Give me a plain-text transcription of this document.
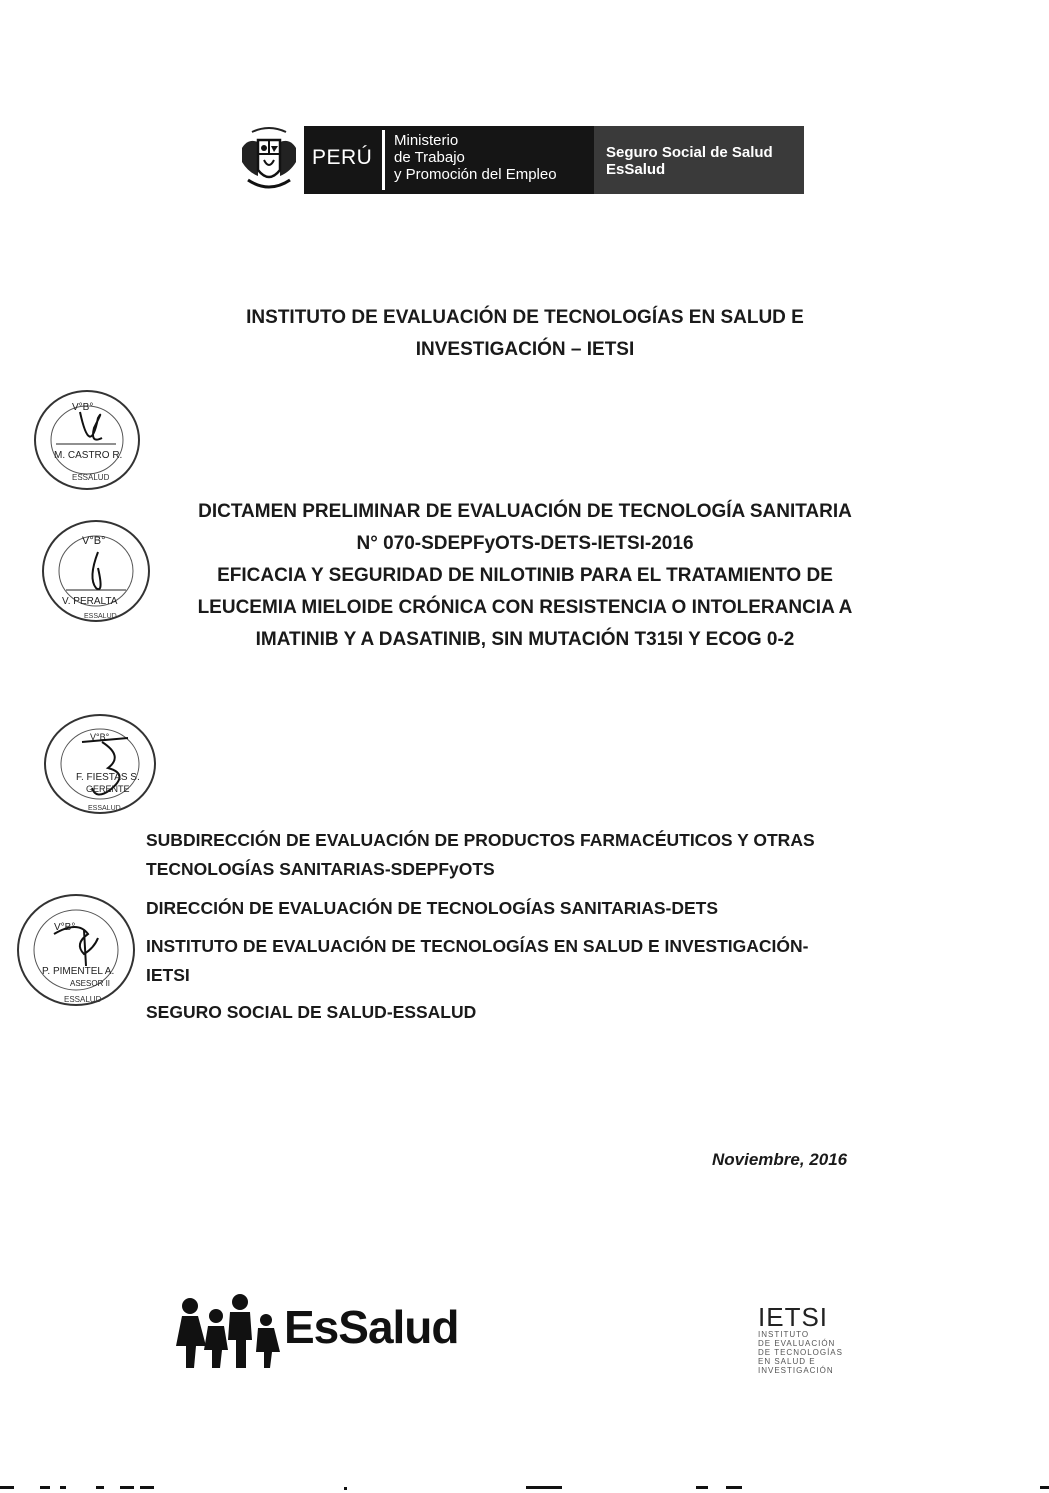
PERÚ
Ministerio
de Trabajo
y Promoción del Empleo
Seguro Social de Salud
EsSalud
INSTITUTO DE EVALUACIÓN DE TECNOLOGÍAS EN SALUD E
INVESTIGACIÓN – IETSI
V°B°
M. CASTRO R.
ESSALUD
V°B°
V. PERALTA
ESSALUD
DICTAMEN PRELIMINAR DE EVALUACIÓN DE TECNOLOGÍA SANITARIA
N° 070-SDEPFyOTS-DETS-IETSI-2016
EFICACIA Y SEGURIDAD DE NILOTINIB PARA EL TRATAMIENTO DE
LEUCEMIA MIELOIDE CRÓNICA CON RESISTENCIA O INTOLERANCIA A
IMATINIB Y A DASATINIB, SIN MUTACIÓN T315I Y ECOG 0-2
V°B°
F. FIESTAS S.
GERENTE
ESSALUD
SUBDIRECCIÓN DE EVALUACIÓN DE PRODUCTOS FARMACÉUTICOS Y OTRAS
TECNOLOGÍAS SANITARIAS-SDEPFyOTS
DIRECCIÓN DE EVALUACIÓN DE TECNOLOGÍAS SANITARIAS-DETS
INSTITUTO DE EVALUACIÓN DE TECNOLOGÍAS EN SALUD E INVESTIGACIÓN-
IETSI
SEGURO SOCIAL DE SALUD-ESSALUD
V°B°
P. PIMENTEL A.
ASESOR II
ESSALUD
Noviembre, 2016
EsSalud	IETSI
INSTITUTO
DE EVALUACIÓN
DE TECNOLOGÍAS
EN SALUD E
INVESTIGACIÓN
